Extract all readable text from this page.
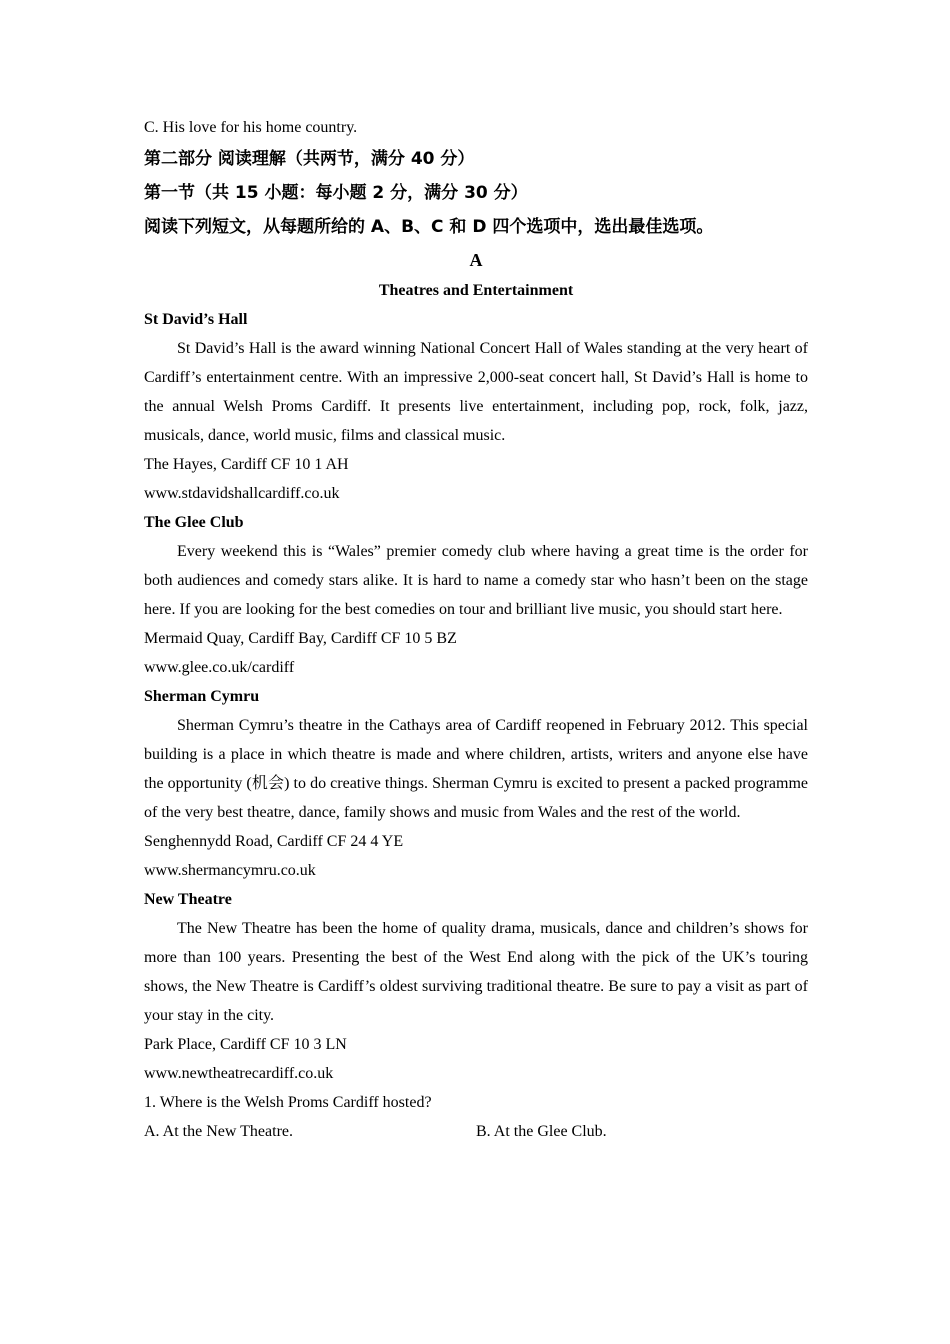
C. His love for his home country.
第二部分 阅读理解（共两节，满分 40 分）
第一节（共 15 小题：每小题 2 分，满分 30 分）
阅读下列短文，从每题所给的 A、B、C 和 D 四个选项中，选出最佳选项。
A
Theatres and Entertainment
St David’s Hall
St David’s Hall is the award winning National Concert Hall of Wales standing at the very heart of Cardiff’s entertainment centre. With an impressive 2,000-seat concert hall, St David’s Hall is home to the annual Welsh Proms Cardiff. It presents live entertainment, including pop, rock, folk, jazz, musicals, dance, world music, films and classical music.
The Hayes, Cardiff CF 10 1 AH
www.stdavidshallcardiff.co.uk
The Glee Club
Every weekend this is “Wales” premier comedy club where having a great time is the order for both audiences and comedy stars alike. It is hard to name a comedy star who hasn’t been on the stage here. If you are looking for the best comedies on tour and brilliant live music, you should start here.
Mermaid Quay, Cardiff Bay, Cardiff CF 10 5 BZ
www.glee.co.uk/cardiff
Sherman Cymru
Sherman Cymru’s theatre in the Cathays area of Cardiff reopened in February 2012. This special building is a place in which theatre is made and where children, artists, writers and anyone else have the opportunity (机会) to do creative things. Sherman Cymru is excited to present a packed programme of the very best theatre, dance, family shows and music from Wales and the rest of the world.
Senghennydd Road, Cardiff CF 24 4 YE
www.shermancymru.co.uk
New Theatre
The New Theatre has been the home of quality drama, musicals, dance and children’s shows for more than 100 years. Presenting the best of the West End along with the pick of the UK’s touring shows, the New Theatre is Cardiff’s oldest surviving traditional theatre. Be sure to pay a visit as part of your stay in the city.
Park Place, Cardiff CF 10 3 LN
www.newtheatrecardiff.co.uk
1. Where is the Welsh Proms Cardiff hosted?
A. At the New Theatre.	B. At the Glee Club.
